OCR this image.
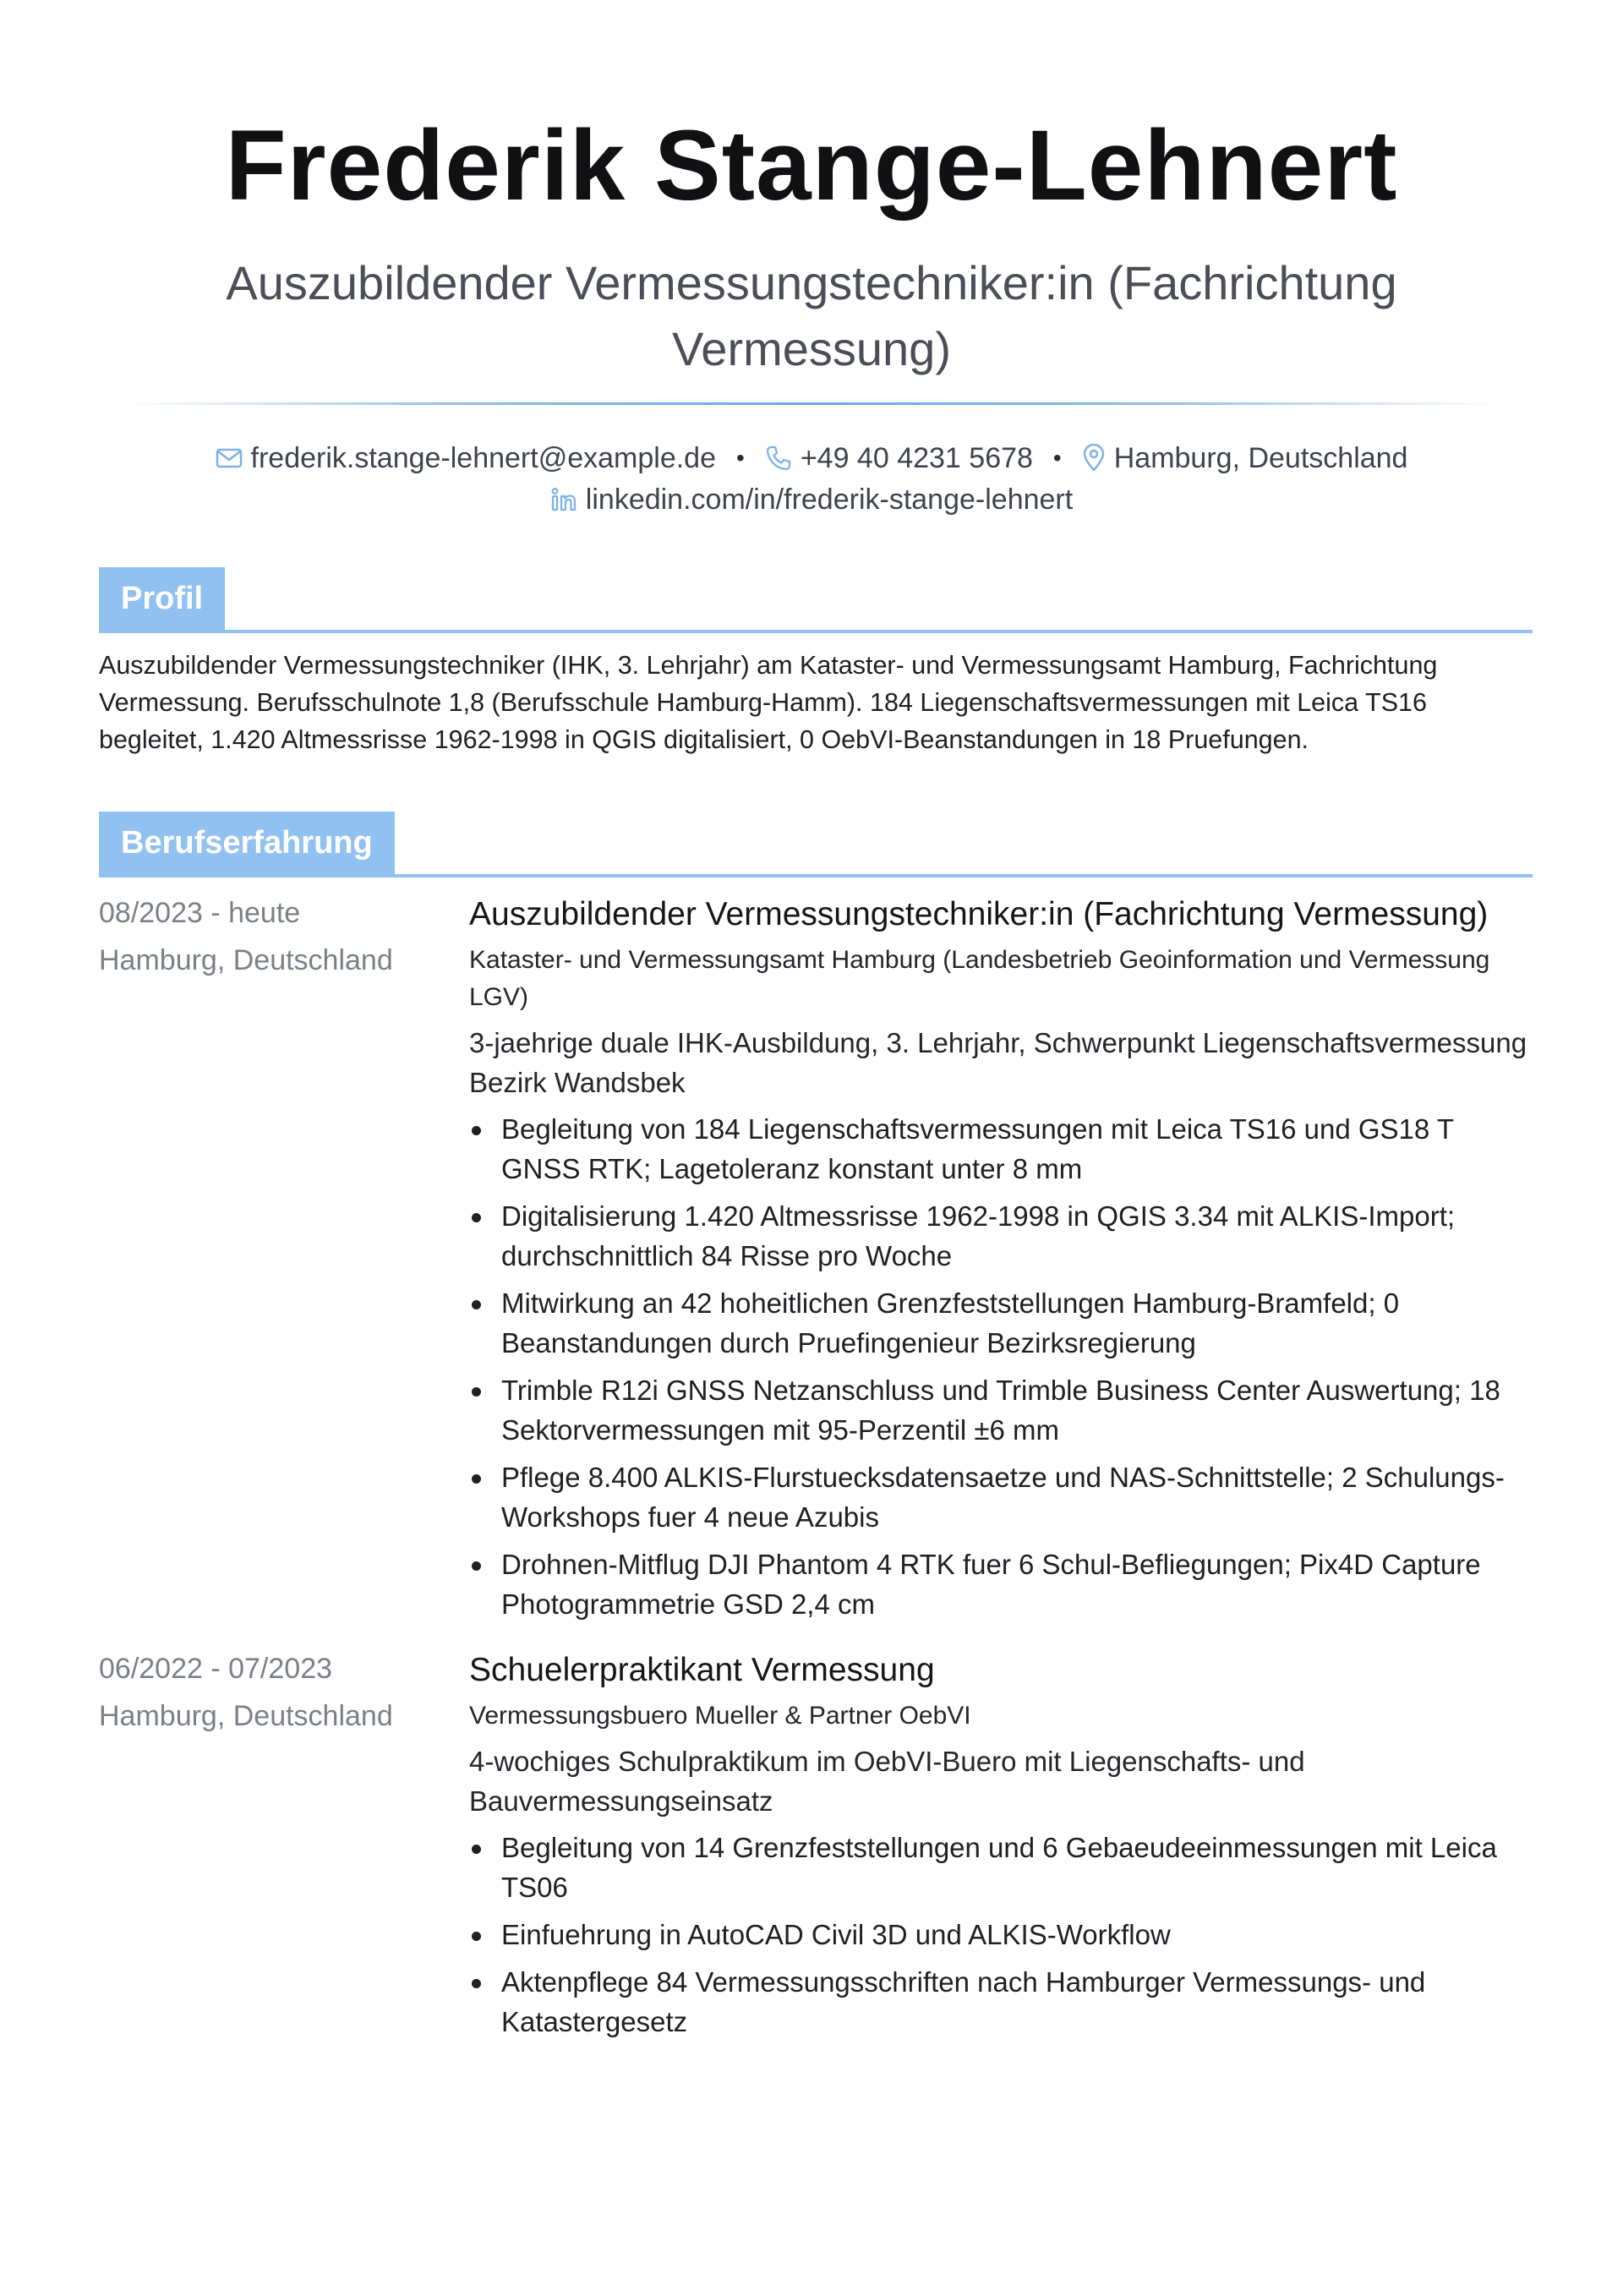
Frederik Stange-Lehnert
Auszubildender Vermessungstechniker:in (Fachrichtung Vermessung)
frederik.stange-lehnert@example.de • +49 40 4231 5678 • Hamburg, Deutschland
linkedin.com/in/frederik-stange-lehnert
Profil
Auszubildender Vermessungstechniker (IHK, 3. Lehrjahr) am Kataster- und Vermessungsamt Hamburg, Fachrichtung Vermessung. Berufsschulnote 1,8 (Berufsschule Hamburg-Hamm). 184 Liegenschaftsvermessungen mit Leica TS16 begleitet, 1.420 Altmessrisse 1962-1998 in QGIS digitalisiert, 0 OebVI-Beanstandungen in 18 Pruefungen.
Berufserfahrung
08/2023 - heute
Hamburg, Deutschland
Auszubildender Vermessungstechniker:in (Fachrichtung Vermessung)
Kataster- und Vermessungsamt Hamburg (Landesbetrieb Geoinformation und Vermessung LGV)
3-jaehrige duale IHK-Ausbildung, 3. Lehrjahr, Schwerpunkt Liegenschaftsvermessung Bezirk Wandsbek
Begleitung von 184 Liegenschaftsvermessungen mit Leica TS16 und GS18 T GNSS RTK; Lagetoleranz konstant unter 8 mm
Digitalisierung 1.420 Altmessrisse 1962-1998 in QGIS 3.34 mit ALKIS-Import; durchschnittlich 84 Risse pro Woche
Mitwirkung an 42 hoheitlichen Grenzfeststellungen Hamburg-Bramfeld; 0 Beanstandungen durch Pruefingenieur Bezirksregierung
Trimble R12i GNSS Netzanschluss und Trimble Business Center Auswertung; 18 Sektorvermessungen mit 95-Perzentil ±6 mm
Pflege 8.400 ALKIS-Flurstuecksdatensaetze und NAS-Schnittstelle; 2 Schulungs-Workshops fuer 4 neue Azubis
Drohnen-Mitflug DJI Phantom 4 RTK fuer 6 Schul-Befliegungen; Pix4D Capture Photogrammetrie GSD 2,4 cm
06/2022 - 07/2023
Hamburg, Deutschland
Schuelerpraktikant Vermessung
Vermessungsbuero Mueller & Partner OebVI
4-wochiges Schulpraktikum im OebVI-Buero mit Liegenschafts- und Bauvermessungseinsatz
Begleitung von 14 Grenzfeststellungen und 6 Gebaeudeeinmessungen mit Leica TS06
Einfuehrung in AutoCAD Civil 3D und ALKIS-Workflow
Aktenpflege 84 Vermessungsschriften nach Hamburger Vermessungs- und Katastergesetz
